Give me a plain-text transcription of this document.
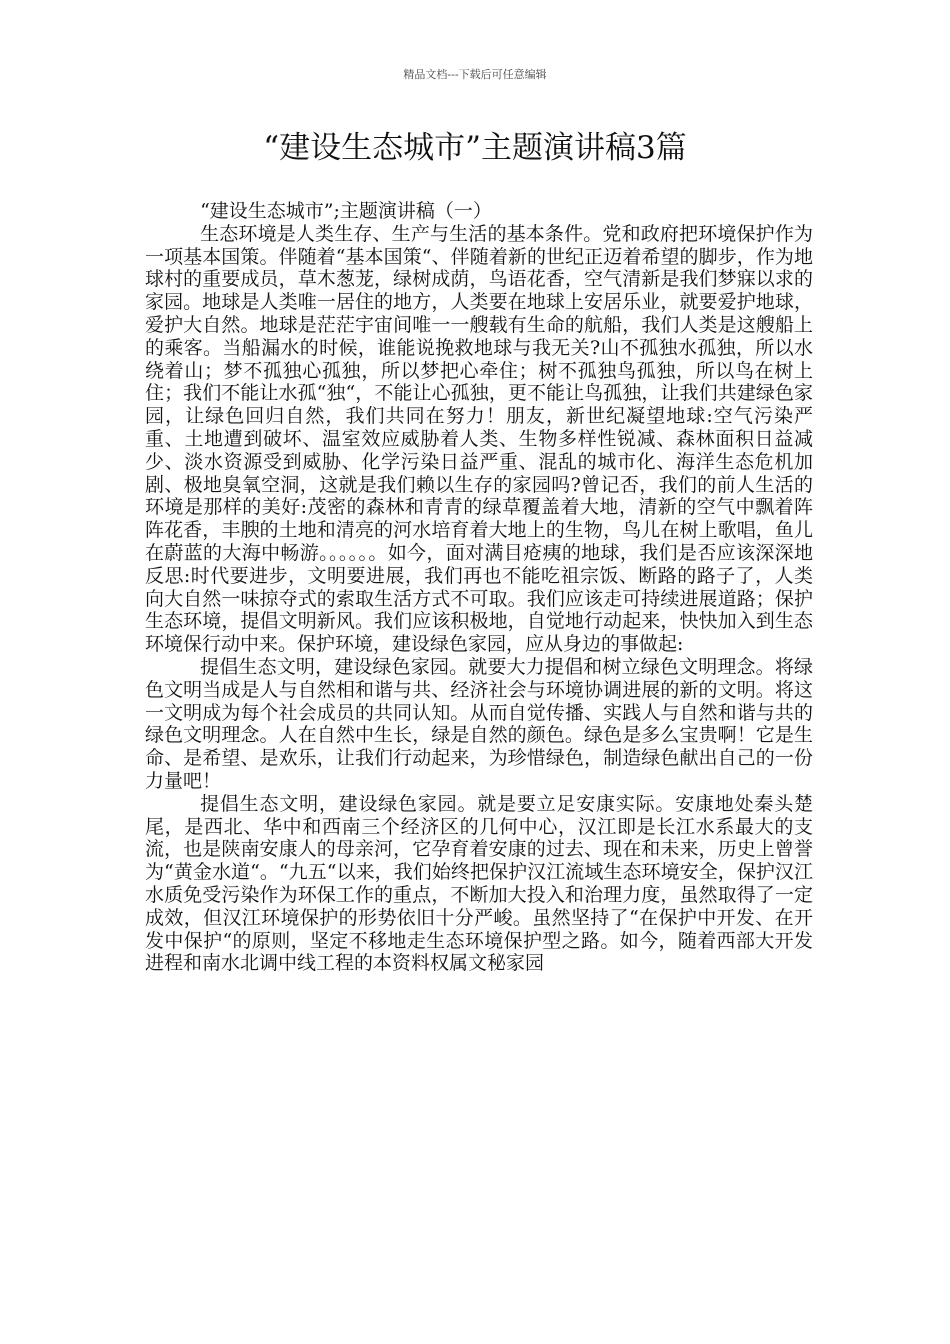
精品文档---下载后可任意编辑
“建设生态城市”主题演讲稿3篇

“建设生态城市”;主题演讲稿（一）

生态环境是人类生存、生产与生活的基本条件。党和政府把环境保护作为一项基本国策。伴随着“基本国策“、伴随着新的世纪正迈着希望的脚步，作为地球村的重要成员，草木葱茏，绿树成荫，鸟语花香，空气清新是我们梦寐以求的家园。地球是人类唯一居住的地方，人类要在地球上安居乐业，就要爱护地球，爱护大自然。地球是茫茫宇宙间唯一一艘载有生命的航船，我们人类是这艘船上的乘客。当船漏水的时候，谁能说挽救地球与我无关?山不孤独水孤独，所以水绕着山；梦不孤独心孤独，所以梦把心牵住；树不孤独鸟孤独，所以鸟在树上住；我们不能让水孤“独“，不能让心孤独，更不能让鸟孤独，让我们共建绿色家园，让绿色回归自然，我们共同在努力！朋友，新世纪凝望地球:空气污染严重、土地遭到破坏、温室效应威胁着人类、生物多样性锐减、森林面积日益减少、淡水资源受到威胁、化学污染日益严重、混乱的城市化、海洋生态危机加剧、极地臭氧空洞，这就是我们赖以生存的家园吗?曾记否，我们的前人生活的环境是那样的美好:茂密的森林和青青的绿草覆盖着大地，清新的空气中飘着阵阵花香，丰腴的土地和清亮的河水培育着大地上的生物，鸟儿在树上歌唱，鱼儿在蔚蓝的大海中畅游。。。。。。如今，面对满目疮痍的地球，我们是否应该深深地反思:时代要进步，文明要进展，我们再也不能吃祖宗饭、断路的路子了，人类向大自然一味掠夺式的索取生活方式不可取。我们应该走可持续进展道路；保护生态环境，提倡文明新风。我们应该积极地，自觉地行动起来，快快加入到生态环境保行动中来。保护环境，建设绿色家园，应从身边的事做起:

提倡生态文明，建设绿色家园。就要大力提倡和树立绿色文明理念。将绿色文明当成是人与自然相和谐与共、经济社会与环境协调进展的新的文明。将这一文明成为每个社会成员的共同认知。从而自觉传播、实践人与自然和谐与共的绿色文明理念。人在自然中生长，绿是自然的颜色。绿色是多么宝贵啊！它是生命、是希望、是欢乐，让我们行动起来，为珍惜绿色，制造绿色献出自己的一份力量吧！

提倡生态文明，建设绿色家园。就是要立足安康实际。安康地处秦头楚尾，是西北、华中和西南三个经济区的几何中心，汉江即是长江水系最大的支流，也是陕南安康人的母亲河，它孕育着安康的过去、现在和未来，历史上曾誉为“黄金水道“。“九五“以来，我们始终把保护汉江流域生态环境安全，保护汉江水质免受污染作为环保工作的重点，不断加大投入和治理力度，虽然取得了一定成效，但汉江环境保护的形势依旧十分严峻。虽然坚持了“在保护中开发、在开发中保护“的原则，坚定不移地走生态环境保护型之路。如今，随着西部大开发进程和南水北调中线工程的本资料权属文秘家园
